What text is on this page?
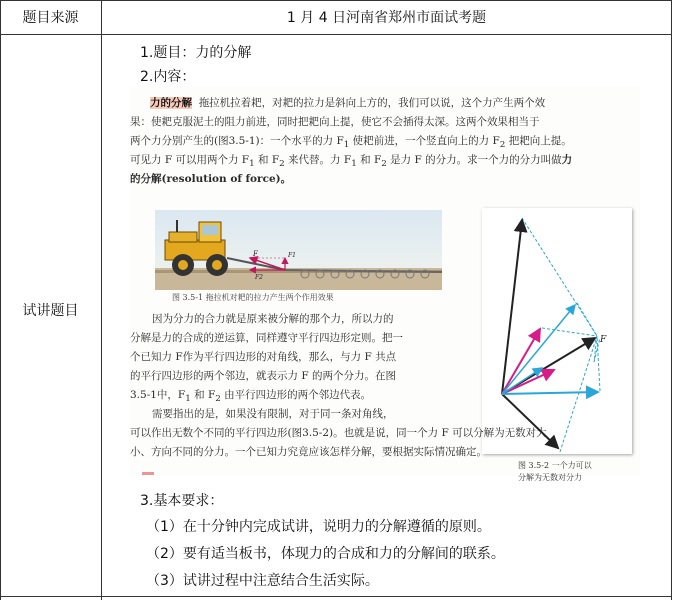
题目来源	1 月 4 日河南省郑州市面试考题
试讲题目
1.题目：力的分解
2.内容：
力的分解 拖拉机拉着耙，对耙的拉力是斜向上方的，我们可以说，这个力产生两个效
果：使耙克服泥土的阻力前进，同时把耙向上提，使它不会插得太深。这两个效果相当于
两个力分别产生的(图3.5-1)：一个水平的力 $F_1$ 使耙前进，一个竖直向上的力 $F_2$ 把耙向上提。
可见力 F 可以用两个力 $F_1$ 和 $F_2$ 来代替。力 $F_1$ 和 $F_2$ 是力 F 的分力。求一个力的分力叫做力
的分解(resolution of force)。
F	F1
F2
图 3.5-1 拖拉机对耙的拉力产生两个作用效果
F
图 3.5-2 一个力可以
分解为无数对分力
因为分力的合力就是原来被分解的那个力，所以力的
分解是力的合成的逆运算，同样遵守平行四边形定则。把一
个已知力 F作为平行四边形的对角线，那么，与力 F 共点
的平行四边形的两个邻边，就表示力 F 的两个分力。在图
3.5-1中，$F_1$ 和 $F_2$ 由平行四边形的两个邻边代表。
需要指出的是，如果没有限制，对于同一条对角线，
可以作出无数个不同的平行四边形(图3.5-2)。也就是说，同一个力 F 可以分解为无数对大
小、方向不同的分力。一个已知力究竟应该怎样分解，要根据实际情况确定。
3.基本要求：
（1）在十分钟内完成试讲，说明力的分解遵循的原则。
（2）要有适当板书，体现力的合成和力的分解间的联系。
（3）试讲过程中注意结合生活实际。
